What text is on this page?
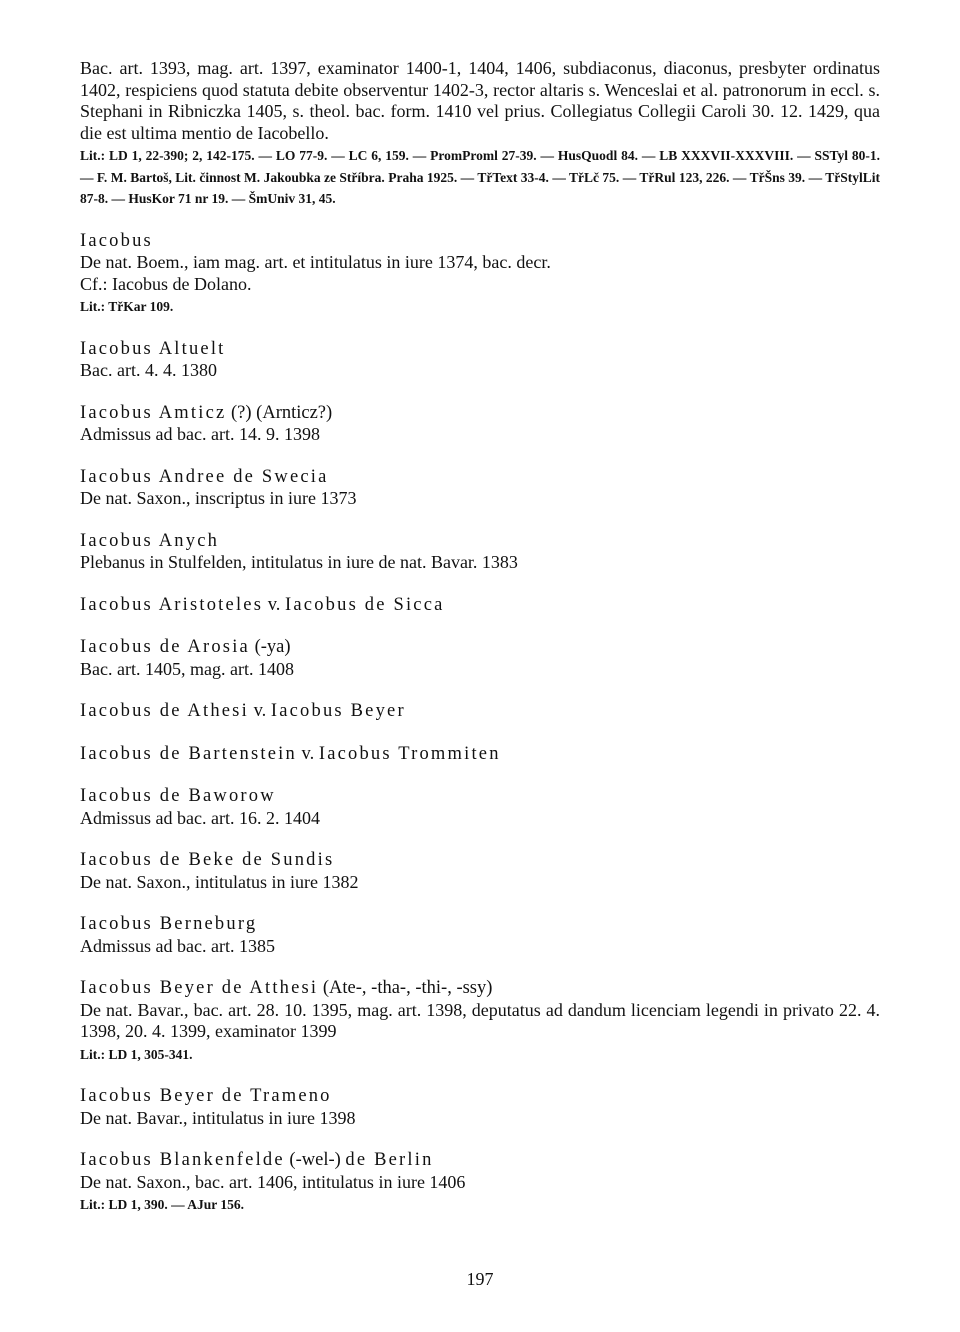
Bac. art. 1393, mag. art. 1397, examinator 1400-1, 1404, 1406, subdiaconus, diaconus, presbyter ordinatus 1402, respiciens quod statuta debite observentur 1402-3, rector altaris s. Wenceslai et al. patronorum in eccl. s. Stephani in Ribniczka 1405, s. theol. bac. form. 1410 vel prius. Collegiatus Collegii Caroli 30. 12. 1429, qua die est ultima mentio de Iacobello.
Lit.: LD 1, 22-390; 2, 142-175. — LO 77-9. — LC 6, 159. — PromProml 27-39. — HusQuodl 84. — LB XXXVII-XXXVIII. — SSTyl 80-1. — F. M. Bartoš, Lit. činnost M. Jakoubka ze Stříbra. Praha 1925. — TřText 33-4. — TřLč 75. — TřRul 123, 226. — TřŠns 39. — TřStylLit 87-8. — HusKor 71 nr 19. — ŠmUniv 31, 45.
Iacobus
De nat. Boem., iam mag. art. et intitulatus in iure 1374, bac. decr.
Cf.: Iacobus de Dolano.
Lit.: TřKar 109.
Iacobus Altuelt
Bac. art. 4. 4. 1380
Iacobus Amticz (?) (Arnticz?)
Admissus ad bac. art. 14. 9. 1398
Iacobus Andree de Swecia
De nat. Saxon., inscriptus in iure 1373
Iacobus Anych
Plebanus in Stulfelden, intitulatus in iure de nat. Bavar. 1383
Iacobus Aristoteles v. Iacobus de Sicca
Iacobus de Arosia (-ya)
Bac. art. 1405, mag. art. 1408
Iacobus de Athesi v. Iacobus Beyer
Iacobus de Bartenstein v. Iacobus Trommiten
Iacobus de Baworow
Admissus ad bac. art. 16. 2. 1404
Iacobus de Beke de Sundis
De nat. Saxon., intitulatus in iure 1382
Iacobus Berneburg
Admissus ad bac. art. 1385
Iacobus Beyer de Atthesi (Ate-, -tha-, -thi-, -ssy)
De nat. Bavar., bac. art. 28. 10. 1395, mag. art. 1398, deputatus ad dandum licenciam legendi in privato 22. 4. 1398, 20. 4. 1399, examinator 1399
Lit.: LD 1, 305-341.
Iacobus Beyer de Trameno
De nat. Bavar., intitulatus in iure 1398
Iacobus Blankenfelde (-wel-) de Berlin
De nat. Saxon., bac. art. 1406, intitulatus in iure 1406
Lit.: LD 1, 390. — AJur 156.
197
